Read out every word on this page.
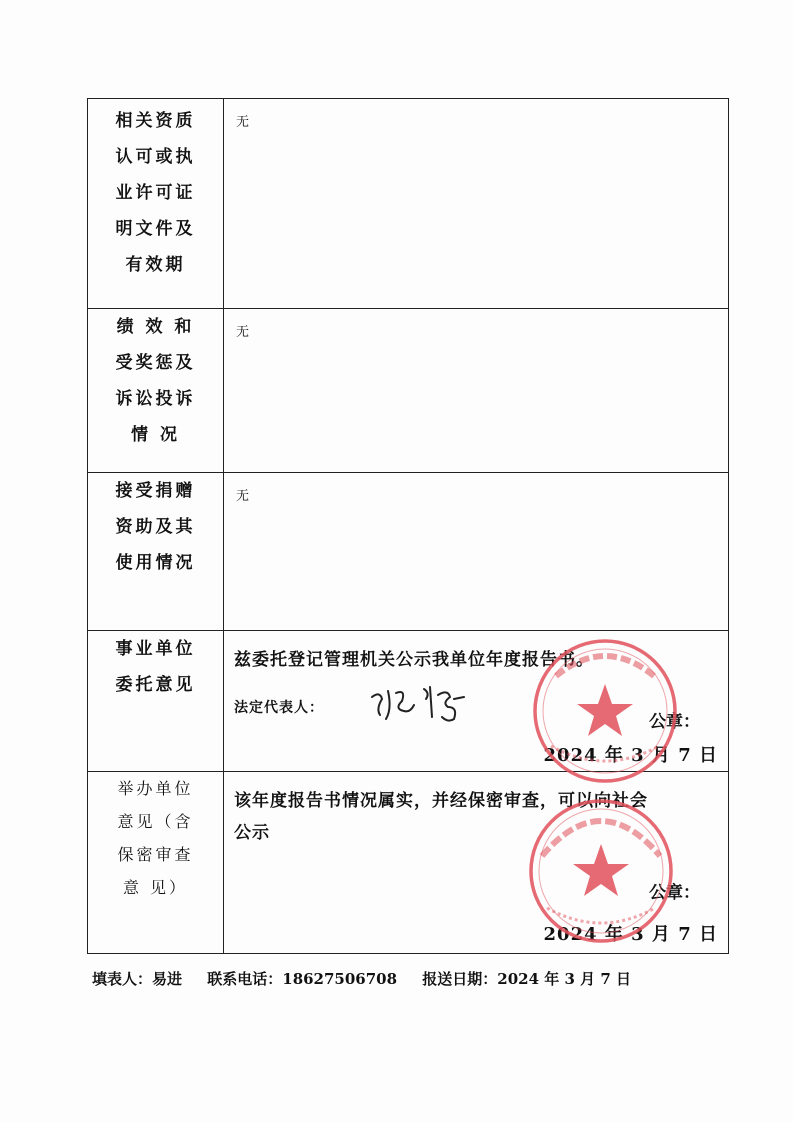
相关资质
认可或执
业许可证
明文件及
有效期	无

绩 效 和
受奖惩及
诉讼投诉
情 况	无

接受捐赠
资助及其
使用情况	无

事业单位
委托意见	兹委托登记管理机关公示我单位年度报告书。
法定代表人：
公章：
2024 年 3 月 7 日

举办单位
意见（含
保密审查
意 见）	该年度报告书情况属实，并经保密审查，可以向社会
公示
公章：
2024 年 3 月 7 日
填表人：易进 联系电话：18627506708 报送日期：2024 年 3 月 7 日
